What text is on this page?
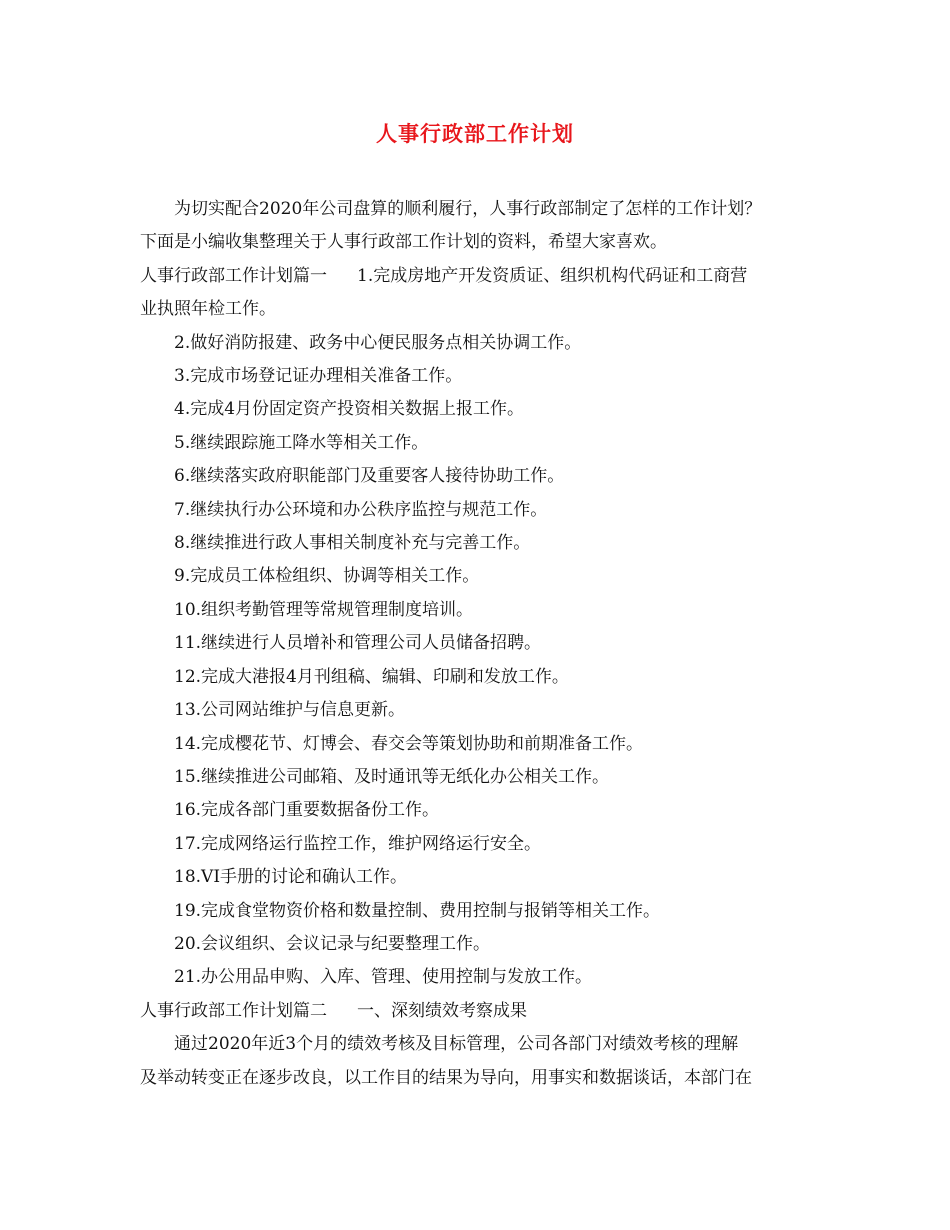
人事行政部工作计划

为切实配合2020年公司盘算的顺利履行，人事行政部制定了怎样的工作计划？

下面是小编收集整理关于人事行政部工作计划的资料，希望大家喜欢。

人事行政部工作计划篇一 1.完成房地产开发资质证、组织机构代码证和工商营

业执照年检工作。

2.做好消防报建、政务中心便民服务点相关协调工作。

3.完成市场登记证办理相关准备工作。

4.完成4月份固定资产投资相关数据上报工作。

5.继续跟踪施工降水等相关工作。

6.继续落实政府职能部门及重要客人接待协助工作。

7.继续执行办公环境和办公秩序监控与规范工作。

8.继续推进行政人事相关制度补充与完善工作。

9.完成员工体检组织、协调等相关工作。

10.组织考勤管理等常规管理制度培训。

11.继续进行人员增补和管理公司人员储备招聘。

12.完成大港报4月刊组稿、编辑、印刷和发放工作。

13.公司网站维护与信息更新。

14.完成樱花节、灯博会、春交会等策划协助和前期准备工作。

15.继续推进公司邮箱、及时通讯等无纸化办公相关工作。

16.完成各部门重要数据备份工作。

17.完成网络运行监控工作，维护网络运行安全。

18.VI手册的讨论和确认工作。

19.完成食堂物资价格和数量控制、费用控制与报销等相关工作。

20.会议组织、会议记录与纪要整理工作。

21.办公用品申购、入库、管理、使用控制与发放工作。

人事行政部工作计划篇二 一、深刻绩效考察成果

通过2020年近3个月的绩效考核及目标管理，公司各部门对绩效考核的理解

及举动转变正在逐步改良，以工作目的结果为导向，用事实和数据谈话，本部门在
